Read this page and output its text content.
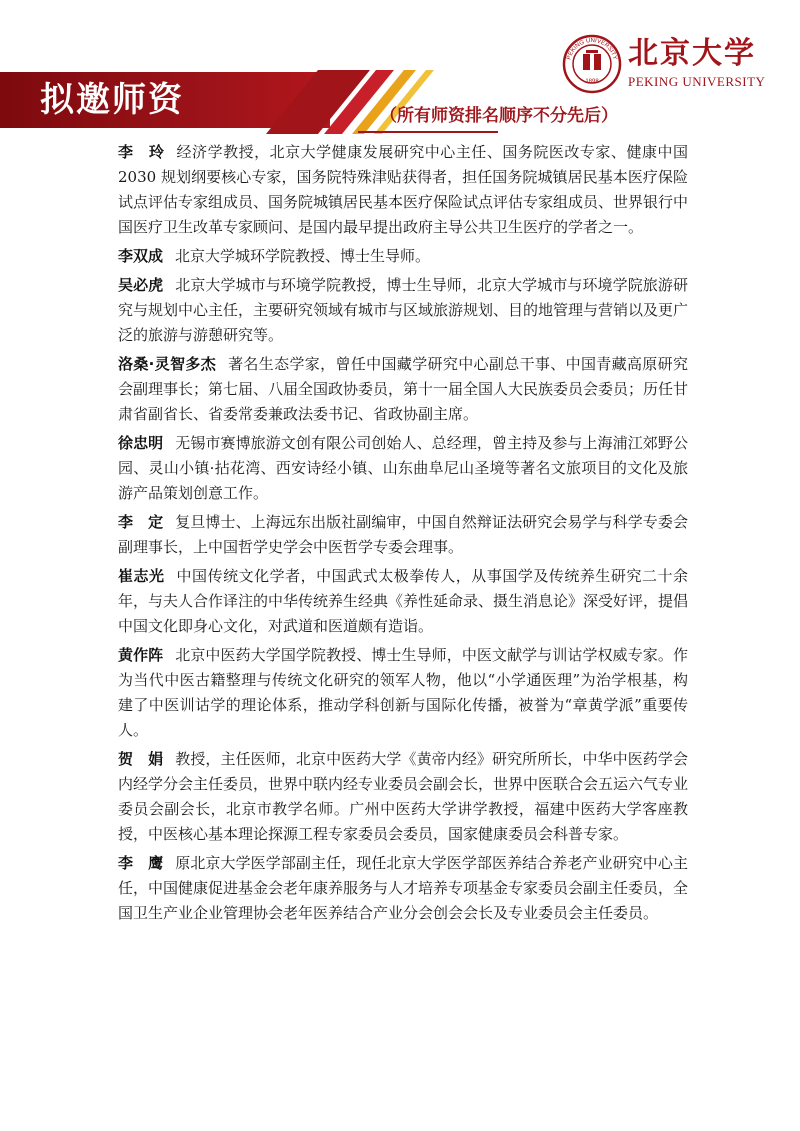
拟邀师资	（所有师资排名顺序不分先后）
PEKING UNIVERSITY
1898
北京大学
PEKING UNIVERSITY

李　玲 经济学教授，北京大学健康发展研究中心主任、国务院医改专家、健康中国 2030 规划纲要核心专家，国务院特殊津贴获得者，担任国务院城镇居民基本医疗保险试点评估专家组成员、国务院城镇居民基本医疗保险试点评估专家组成员、世界银行中国医疗卫生改革专家顾问、是国内最早提出政府主导公共卫生医疗的学者之一。

李双成 北京大学城环学院教授、博士生导师。

吴必虎 北京大学城市与环境学院教授，博士生导师，北京大学城市与环境学院旅游研究与规划中心主任，主要研究领域有城市与区域旅游规划、目的地管理与营销以及更广泛的旅游与游憩研究等。

洛桑·灵智多杰 著名生态学家，曾任中国藏学研究中心副总干事、中国青藏高原研究会副理事长；第七届、八届全国政协委员，第十一届全国人大民族委员会委员；历任甘肃省副省长、省委常委兼政法委书记、省政协副主席。

徐忠明 无锡市赛博旅游文创有限公司创始人、总经理，曾主持及参与上海浦江郊野公园、灵山小镇·拈花湾、西安诗经小镇、山东曲阜尼山圣境等著名文旅项目的文化及旅游产品策划创意工作。

李　定 复旦博士、上海远东出版社副编审，中国自然辩证法研究会易学与科学专委会副理事长，上中国哲学史学会中医哲学专委会理事。

崔志光 中国传统文化学者，中国武式太极拳传人，从事国学及传统养生研究二十余年，与夫人合作译注的中华传统养生经典《养性延命录、摄生消息论》深受好评，提倡中国文化即身心文化，对武道和医道颇有造诣。

黄作阵 北京中医药大学国学院教授、博士生导师，中医文献学与训诂学权威专家。作为当代中医古籍整理与传统文化研究的领军人物，他以“小学通医理”为治学根基，构建了中医训诂学的理论体系，推动学科创新与国际化传播，被誉为“章黄学派”重要传人。

贺　娟 教授，主任医师，北京中医药大学《黄帝内经》研究所所长，中华中医药学会内经学分会主任委员，世界中联内经专业委员会副会长，世界中医联合会五运六气专业委员会副会长，北京市教学名师。广州中医药大学讲学教授，福建中医药大学客座教授，中医核心基本理论探源工程专家委员会委员，国家健康委员会科普专家。

李　鹰 原北京大学医学部副主任，现任北京大学医学部医养结合养老产业研究中心主任，中国健康促进基金会老年康养服务与人才培养专项基金专家委员会副主任委员，全国卫生产业企业管理协会老年医养结合产业分会创会会长及专业委员会主任委员。
